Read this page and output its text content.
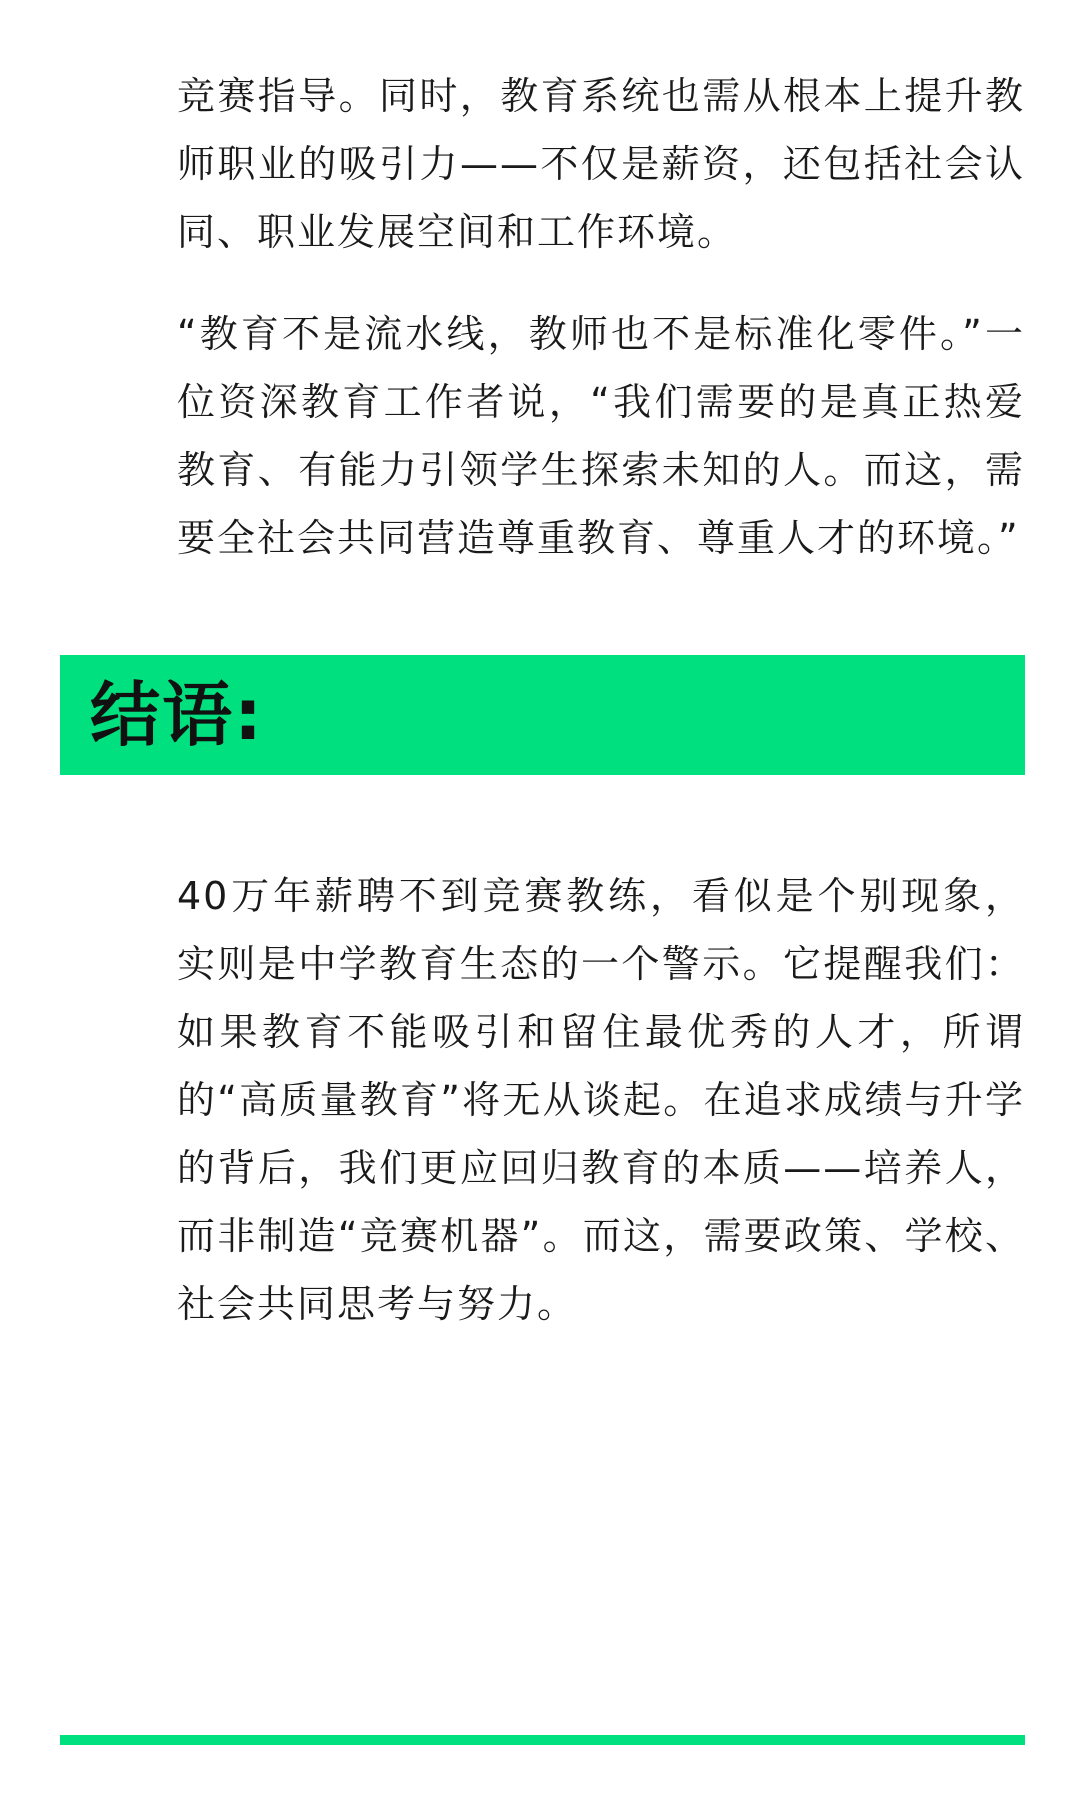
竞赛指导。同时，教育系统也需从根本上提升教师职业的吸引力——不仅是薪资，还包括社会认同、职业发展空间和工作环境。

“教育不是流水线，教师也不是标准化零件。”一位资深教育工作者说，“我们需要的是真正热爱教育、有能力引领学生探索未知的人。而这，需要全社会共同营造尊重教育、尊重人才的环境。”

结语:

40万年薪聘不到竞赛教练，看似是个别现象，实则是中学教育生态的一个警示。它提醒我们：如果教育不能吸引和留住最优秀的人才，所谓的“高质量教育”将无从谈起。在追求成绩与升学的背后，我们更应回归教育的本质——培养人，而非制造“竞赛机器”。而这，需要政策、学校、社会共同思考与努力。
